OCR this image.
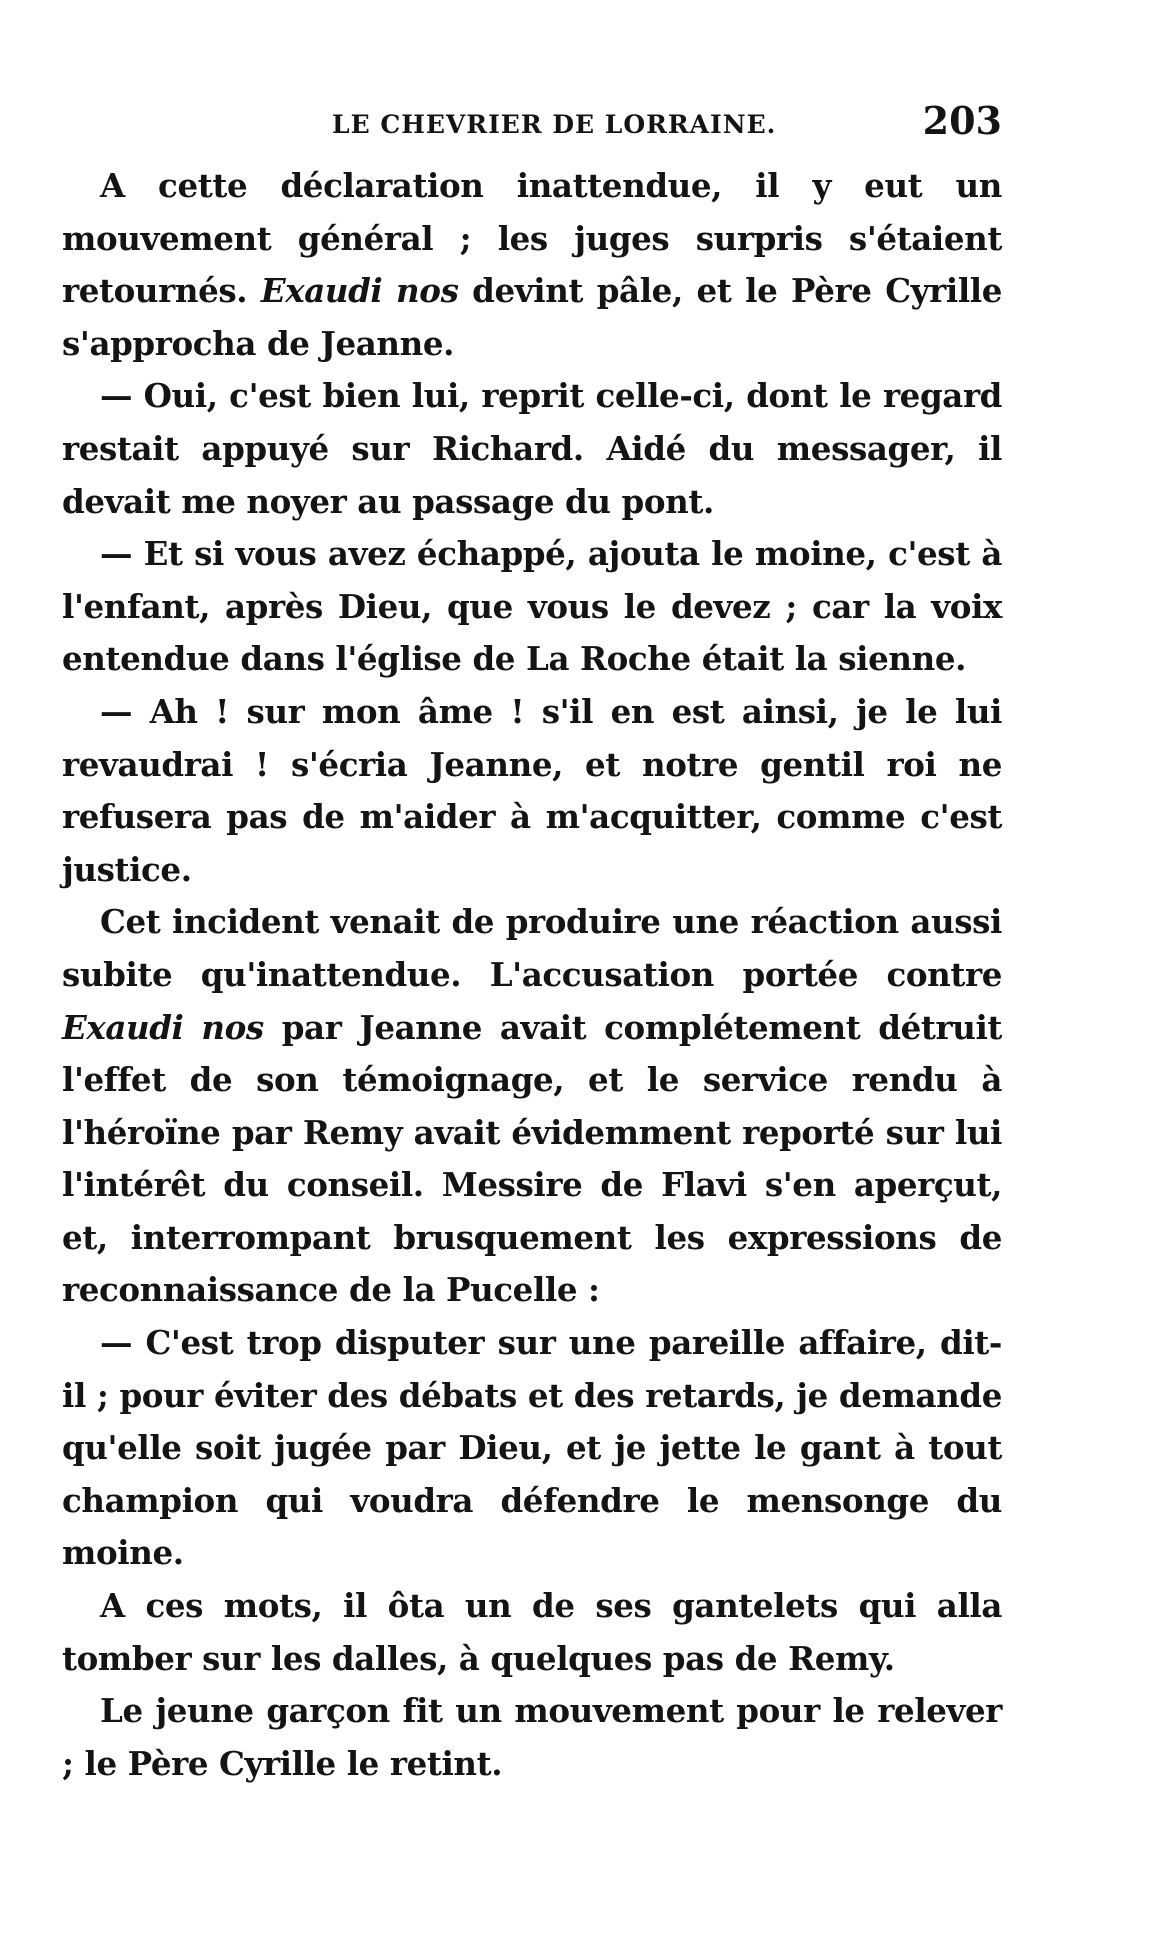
LE CHEVRIER DE LORRAINE.	203

A cette déclaration inattendue, il y eut un mouvement général ; les juges surpris s'étaient retournés. Exaudi nos devint pâle, et le Père Cyrille s'approcha de Jeanne.

— Oui, c'est bien lui, reprit celle-ci, dont le regard restait appuyé sur Richard. Aidé du messager, il devait me noyer au passage du pont.

— Et si vous avez échappé, ajouta le moine, c'est à l'enfant, après Dieu, que vous le devez ; car la voix entendue dans l'église de La Roche était la sienne.

— Ah ! sur mon âme ! s'il en est ainsi, je le lui revaudrai ! s'écria Jeanne, et notre gentil roi ne refusera pas de m'aider à m'acquitter, comme c'est justice.

Cet incident venait de produire une réaction aussi subite qu'inattendue. L'accusation portée contre Exaudi nos par Jeanne avait complétement détruit l'effet de son témoignage, et le service rendu à l'héroïne par Remy avait évidemment reporté sur lui l'intérêt du conseil. Messire de Flavi s'en aperçut, et, interrompant brusquement les expressions de reconnaissance de la Pucelle :

— C'est trop disputer sur une pareille affaire, dit-il ; pour éviter des débats et des retards, je demande qu'elle soit jugée par Dieu, et je jette le gant à tout champion qui voudra défendre le mensonge du moine.

A ces mots, il ôta un de ses gantelets qui alla tomber sur les dalles, à quelques pas de Remy.

Le jeune garçon fit un mouvement pour le relever ; le Père Cyrille le retint.
